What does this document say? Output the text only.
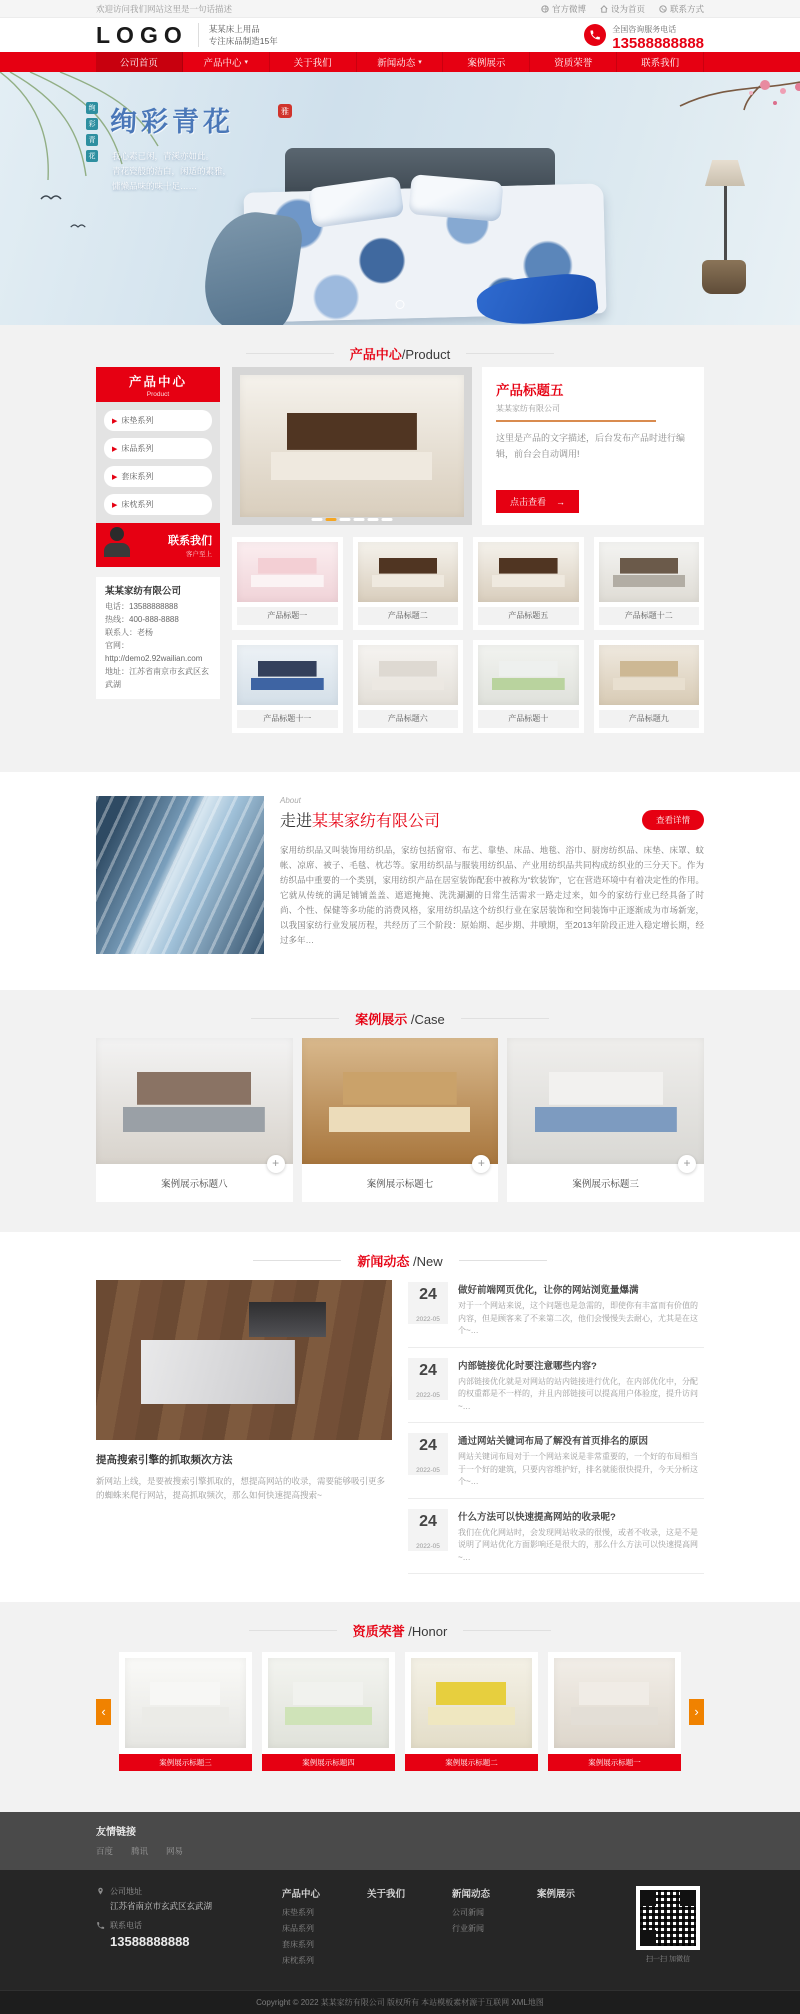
欢迎访问我们网站这里是一句话描述	官方微博	设为首页	联系方式
LOGO 某某床上用品
专注床品制造15年
全国咨询服务电话
13588888888
公司首页	产品中心 ▾	关于我们	新闻动态 ▾	案例展示	资质荣誉	联系我们
绚
彩
青
花
绚彩青花	雅
我心素已闲，青溪亦如此。
青花瓷般的洁白，闲适的素雅，
慵懒品味的味十足……
产品中心/Product
产品中心
Product
▶ 床垫系列
▶ 床品系列
▶ 套床系列
▶ 床枕系列
联系我们
客户至上
某某家纺有限公司
电话：13588888888
热线：400-888-8888
联系人：老杨
官网：
http://demo2.92wailian.com
地址：江苏省南京市玄武区玄武湖
产品标题五
某某家纺有限公司

这里是产品的文字描述，后台发布产品时进行编辑，前台会自动调用!

点击查看 →
产品标题一	产品标题二	产品标题五	产品标题十二
产品标题十一	产品标题六	产品标题十	产品标题九
About
走进某某家纺有限公司	查看详情

家用纺织品又叫装饰用纺织品，家纺包括窗帘、布艺、靠垫、床品、地毯、浴巾、厨房纺织品、床垫、床罩、蚊帐、凉席、被子、毛毯、枕芯等。家用纺织品与服装用纺织品、产业用纺织品共同构成纺织业的三分天下。作为纺织品中重要的一个类别，家用纺织产品在居室装饰配套中被称为“软装饰”，它在营造环境中有着决定性的作用。它就从传统的满足铺铺盖盖、遮遮掩掩、洗洗涮涮的日常生活需求一路走过来，如今的家纺行业已经具备了时尚、个性、保健等多功能的消费风格，家用纺织品这个纺织行业在家居装饰和空间装饰中正逐渐成为市场新宠，以我国家纺行业发展历程，共经历了三个阶段：原始期、起步期、井喷期，至2013年阶段正进入稳定增长期，经过多年…

案例展示 /Case
+
案例展示标题八
+
案例展示标题七
+
案例展示标题三
新闻动态 /New
提高搜索引擎的抓取频次方法

新网站上线，是要被搜索引擎抓取的，想提高网站的收录，需要能够吸引更多的蜘蛛来爬行网站，提高抓取频次，那么如何快速提高搜索~

24
2022-05
做好前端网页优化，让你的网站浏览量爆满

对于一个网站来说，这个问题也是急需的，即使你有丰富而有价值的内容，但是顾客来了不来第二次，他们会慢慢失去耐心，尤其是在这个~…

24
2022-05
内部链接优化时要注意哪些内容?

内部链接优化就是对网站的站内链接进行优化，在内部优化中，分配的权重都是不一样的，并且内部链接可以提高用户体验度，提升访问~…

24
2022-05
通过网站关键词布局了解没有首页排名的原因

网站关键词布局对于一个网站来说是非常重要的，一个好的布局相当于一个好的建筑，只要内容维护好，排名就能很快提升，今天分析这个~…

24
2022-05
什么方法可以快速提高网站的收录呢?

我们在优化网站时，会发现网站收录的很慢，或者不收录，这是不是说明了网站优化方面影响还是很大的，那么什么方法可以快速提高网~…

资质荣誉 /Honor
‹
案例展示标题三	案例展示标题四	案例展示标题二	案例展示标题一
›
友情链接
百度 腾讯 网易
公司地址
江苏省南京市玄武区玄武湖
联系电话
13588888888
产品中心
床垫系列
床品系列
套床系列
床枕系列
关于我们	新闻动态
公司新闻
行业新闻
案例展示

扫一扫 加微信

Copyright © 2022 某某家纺有限公司 版权所有 本站模板素材源于互联网 XML地图
